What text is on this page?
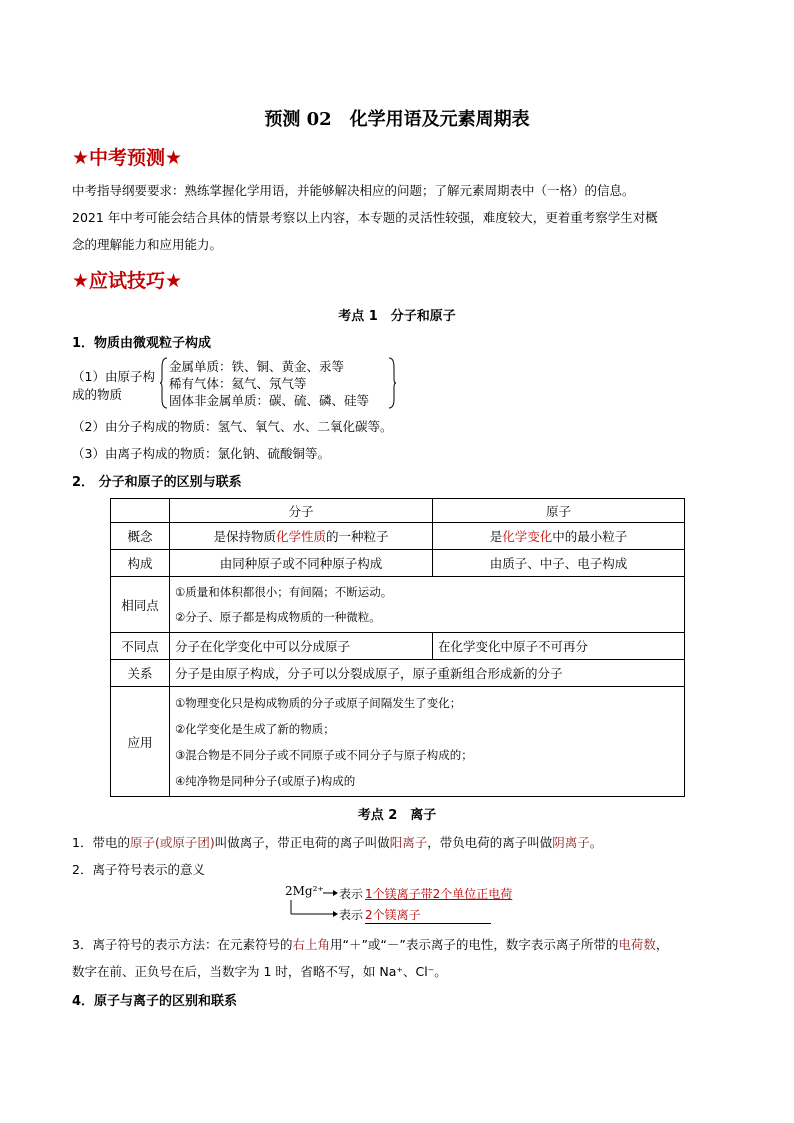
预测 02　化学用语及元素周期表
★中考预测★
中考指导纲要要求：熟练掌握化学用语，并能够解决相应的问题；了解元素周期表中（一格）的信息。
2021 年中考可能会结合具体的情景考察以上内容，本专题的灵活性较强，难度较大，更着重考察学生对概
念的理解能力和应用能力。
★应试技巧★
考点 1　分子和原子
1．物质由微观粒子构成
（1）由原子构
成的物质
金属单质：铁、铜、黄金、汞等
稀有气体：氦气、氖气等
固体非金属单质：碳、硫、磷、硅等
（2）由分子构成的物质：氢气、氧气、水、二氧化碳等。
（3）由离子构成的物质：氯化钠、硫酸铜等。
2． 分子和原子的区别与联系
	分子	原子
概念	是保持物质化学性质的一种粒子	是化学变化中的最小粒子
构成	由同种原子或不同种原子构成	由质子、中子、电子构成
相同点	①质量和体积都很小；有间隔；不断运动。
②分子、原子都是构成物质的一种微粒。	

不同点	分子在化学变化中可以分成原子	在化学变化中原子不可再分
关系	分子是由原子构成，分子可以分裂成原子，原子重新组合形成新的分子	
应用	①物理变化只是构成物质的分子或原子间隔发生了变化；
②化学变化是生成了新的物质；
③混合物是不同分子或不同原子或不同分子与原子构成的；
④纯净物是同种分子(或原子)构成的	
考点 2　离子
1．带电的原子(或原子团)叫做离子，带正电荷的离子叫做阳离子，带负电荷的离子叫做阴离子。
2．离子符号表示的意义
2Mg²⁺ 表示 1个镁离子带2个单位正电荷
表示 2个镁离子
3．离子符号的表示方法：在元素符号的右上角用“＋”或“－”表示离子的电性，数字表示离子所带的电荷数，
数字在前、正负号在后，当数字为 1 时，省略不写，如 Na⁺、Cl⁻。
4．原子与离子的区别和联系
